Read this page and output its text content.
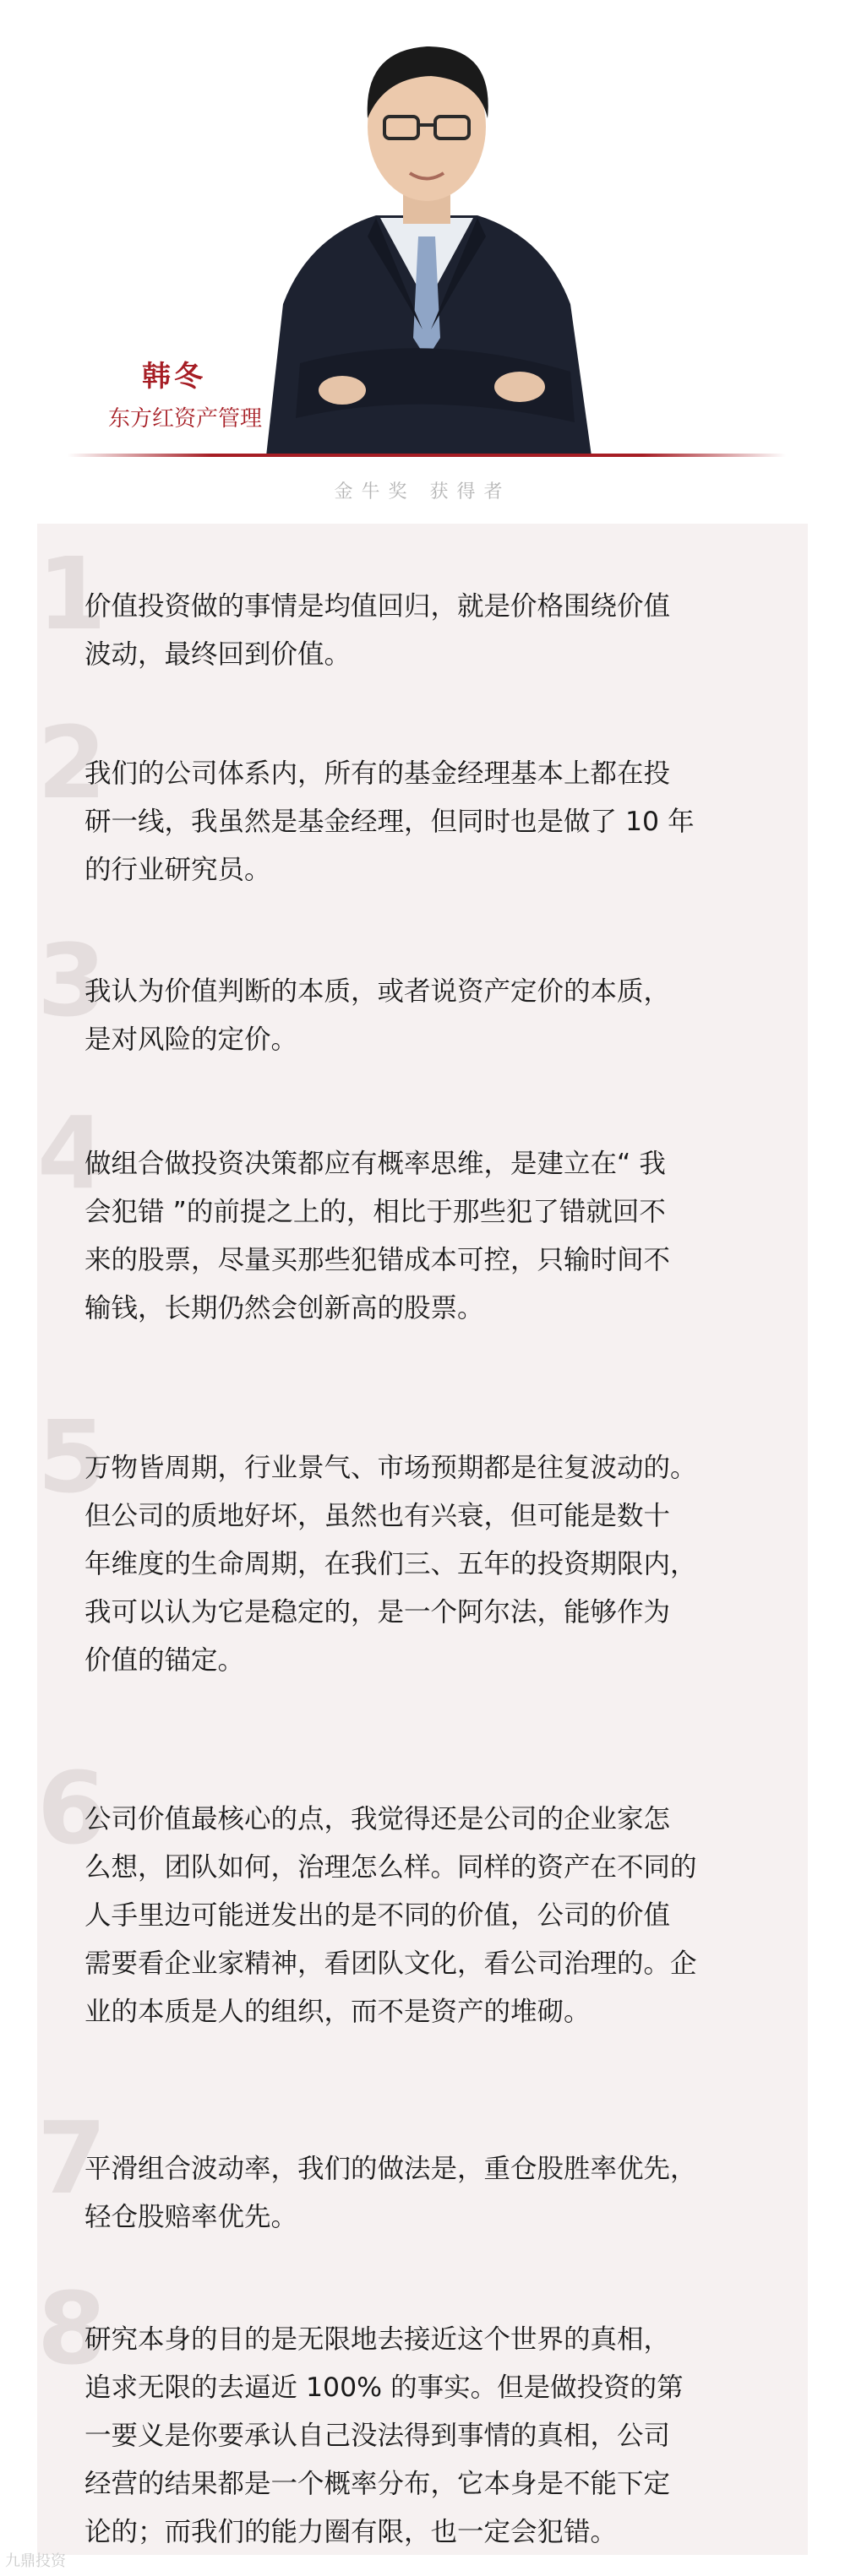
韩冬
东方红资产管理
金牛奖 获得者
1

价值投资做的事情是均值回归，就是价格围绕价值
波动，最终回到价值。

2

我们的公司体系内，所有的基金经理基本上都在投
研一线，我虽然是基金经理，但同时也是做了 10 年
的行业研究员。

3

我认为价值判断的本质，或者说资产定价的本质，
是对风险的定价。

4

做组合做投资决策都应有概率思维，是建立在“ 我
会犯错 ”的前提之上的，相比于那些犯了错就回不
来的股票，尽量买那些犯错成本可控，只输时间不
输钱，长期仍然会创新高的股票。

5

万物皆周期，行业景气、市场预期都是往复波动的。
但公司的质地好坏，虽然也有兴衰，但可能是数十
年维度的生命周期，在我们三、五年的投资期限内，
我可以认为它是稳定的，是一个阿尔法，能够作为
价值的锚定。

6

公司价值最核心的点，我觉得还是公司的企业家怎
么想，团队如何，治理怎么样。同样的资产在不同的
人手里边可能迸发出的是不同的价值，公司的价值
需要看企业家精神，看团队文化，看公司治理的。企
业的本质是人的组织，而不是资产的堆砌。

7

平滑组合波动率，我们的做法是，重仓股胜率优先，
轻仓股赔率优先。

8

研究本身的目的是无限地去接近这个世界的真相，
追求无限的去逼近 100% 的事实。但是做投资的第
一要义是你要承认自己没法得到事情的真相，公司
经营的结果都是一个概率分布，它本身是不能下定
论的；而我们的能力圈有限，也一定会犯错。

九鼎投资
